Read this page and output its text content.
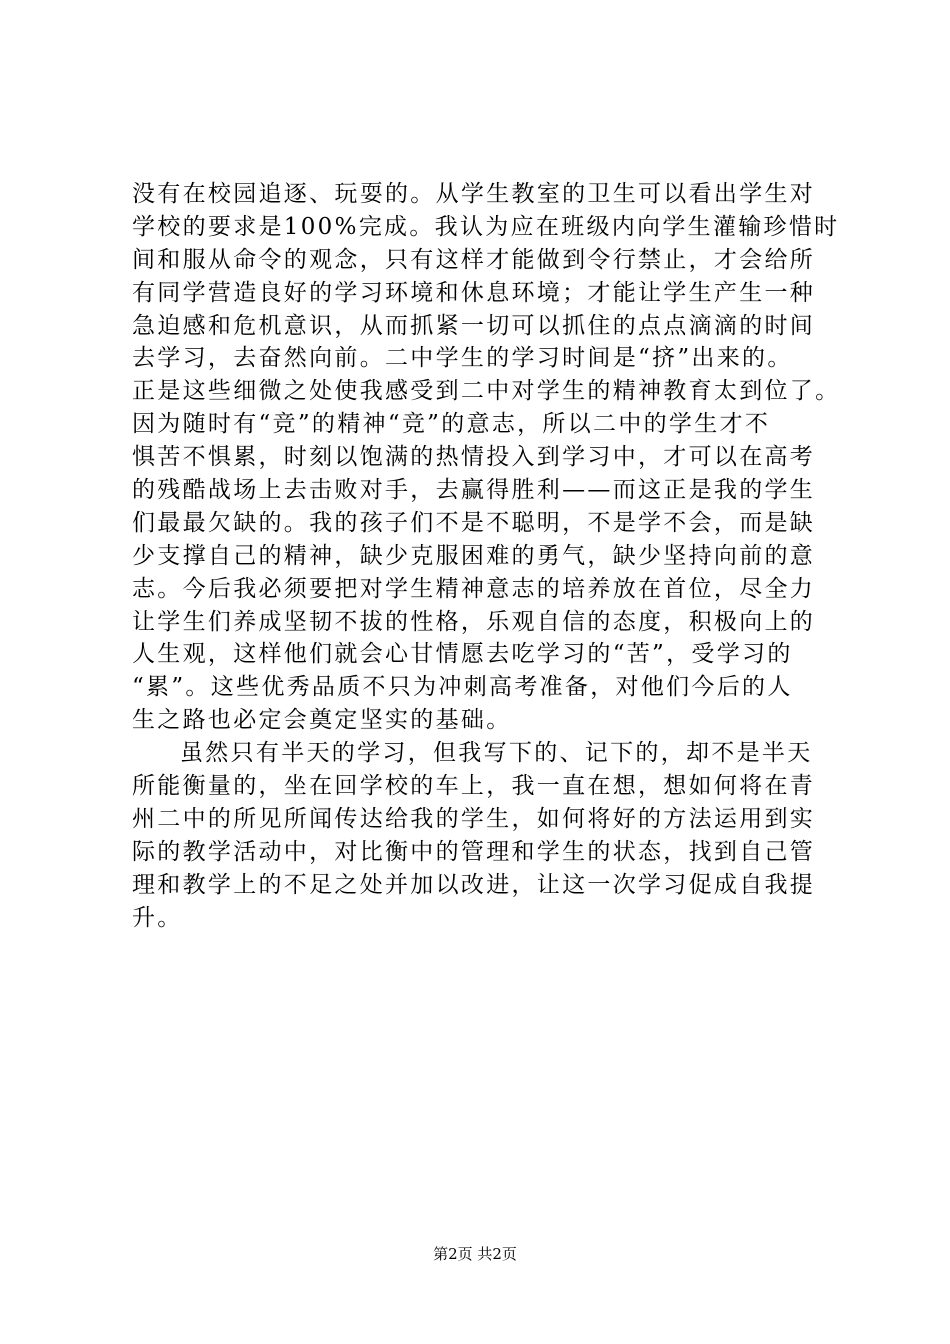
没有在校园追逐、玩耍的。从学生教室的卫生可以看出学生对
学校的要求是100%完成。我认为应在班级内向学生灌输珍惜时
间和服从命令的观念，只有这样才能做到令行禁止，才会给所
有同学营造良好的学习环境和休息环境；才能让学生产生一种
急迫感和危机意识，从而抓紧一切可以抓住的点点滴滴的时间
去学习，去奋然向前。二中学生的学习时间是“挤”出来的。
正是这些细微之处使我感受到二中对学生的精神教育太到位了。
因为随时有“竞”的精神“竞”的意志，所以二中的学生才不
惧苦不惧累，时刻以饱满的热情投入到学习中，才可以在高考
的残酷战场上去击败对手，去赢得胜利——而这正是我的学生
们最最欠缺的。我的孩子们不是不聪明，不是学不会，而是缺
少支撑自己的精神，缺少克服困难的勇气，缺少坚持向前的意
志。今后我必须要把对学生精神意志的培养放在首位，尽全力
让学生们养成坚韧不拔的性格，乐观自信的态度，积极向上的
人生观，这样他们就会心甘情愿去吃学习的“苦”，受学习的
“累”。这些优秀品质不只为冲刺高考准备，对他们今后的人
生之路也必定会奠定坚实的基础。
虽然只有半天的学习，但我写下的、记下的，却不是半天
所能衡量的，坐在回学校的车上，我一直在想，想如何将在青
州二中的所见所闻传达给我的学生，如何将好的方法运用到实
际的教学活动中，对比衡中的管理和学生的状态，找到自己管
理和教学上的不足之处并加以改进，让这一次学习促成自我提
升。
第2页 共2页
